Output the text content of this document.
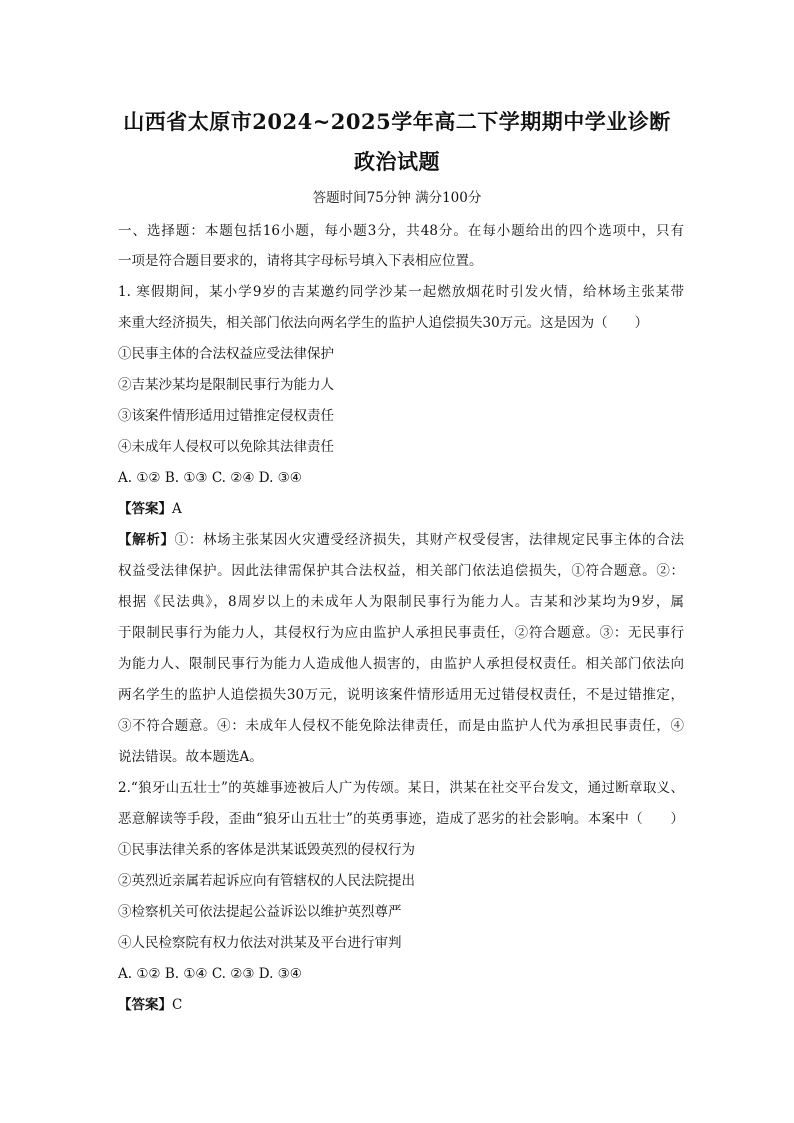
山西省太原市2024~2025学年高二下学期期中学业诊断
政治试题
答题时间75分钟 满分100分
一、选择题：本题包括16小题，每小题3分，共48分。在每小题给出的四个选项中，只有
一项是符合题目要求的，请将其字母标号填入下表相应位置。
1. 寒假期间，某小学9岁的吉某邀约同学沙某一起燃放烟花时引发火情，给林场主张某带
来重大经济损失，相关部门依法向两名学生的监护人追偿损失30万元。这是因为（　　）
①民事主体的合法权益应受法律保护
②吉某沙某均是限制民事行为能力人
③该案件情形适用过错推定侵权责任
④未成年人侵权可以免除其法律责任
A. ①② B. ①③ C. ②④ D. ③④
【答案】A
【解析】①：林场主张某因火灾遭受经济损失，其财产权受侵害，法律规定民事主体的合法
权益受法律保护。因此法律需保护其合法权益，相关部门依法追偿损失，①符合题意。②：
根据《民法典》，8周岁以上的未成年人为限制民事行为能力人。吉某和沙某均为9岁，属
于限制民事行为能力人，其侵权行为应由监护人承担民事责任，②符合题意。③：无民事行
为能力人、限制民事行为能力人造成他人损害的，由监护人承担侵权责任。相关部门依法向
两名学生的监护人追偿损失30万元，说明该案件情形适用无过错侵权责任，不是过错推定，
③不符合题意。④：未成年人侵权不能免除法律责任，而是由监护人代为承担民事责任，④
说法错误。故本题选A。
2.“狼牙山五壮士”的英雄事迹被后人广为传颂。某日，洪某在社交平台发文，通过断章取义、
恶意解读等手段，歪曲“狼牙山五壮士”的英勇事迹，造成了恶劣的社会影响。本案中（　　）
①民事法律关系的客体是洪某诋毁英烈的侵权行为
②英烈近亲属若起诉应向有管辖权的人民法院提出
③检察机关可依法提起公益诉讼以维护英烈尊严
④人民检察院有权力依法对洪某及平台进行审判
A. ①② B. ①④ C. ②③ D. ③④
【答案】C
